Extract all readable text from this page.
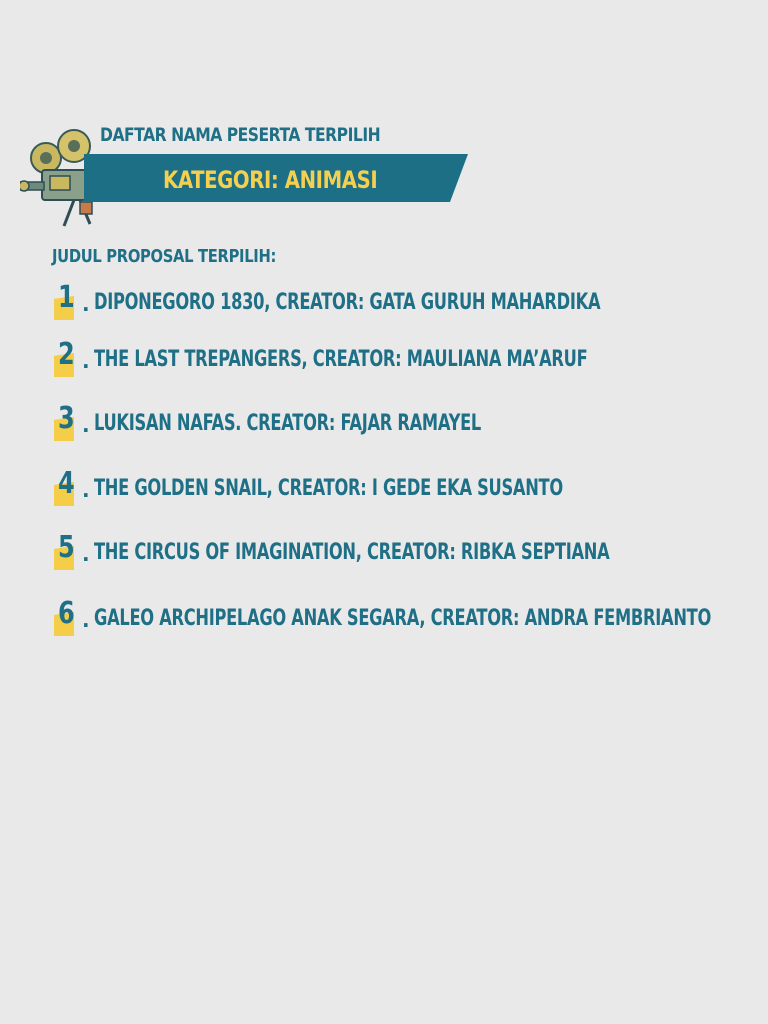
DAFTAR NAMA PESERTA TERPILIH
KATEGORI: ANIMASI
JUDUL PROPOSAL TERPILIH:
1 . DIPONEGORO 1830, CREATOR: GATA GURUH MAHARDIKA
2 . THE LAST TREPANGERS, CREATOR: MAULIANA MA’ARUF
3 . LUKISAN NAFAS. CREATOR: FAJAR RAMAYEL
4 . THE GOLDEN SNAIL, CREATOR: I GEDE EKA SUSANTO
5 . THE CIRCUS OF IMAGINATION, CREATOR: RIBKA SEPTIANA
6 . GALEO ARCHIPELAGO ANAK SEGARA, CREATOR: ANDRA FEMBRIANTO
